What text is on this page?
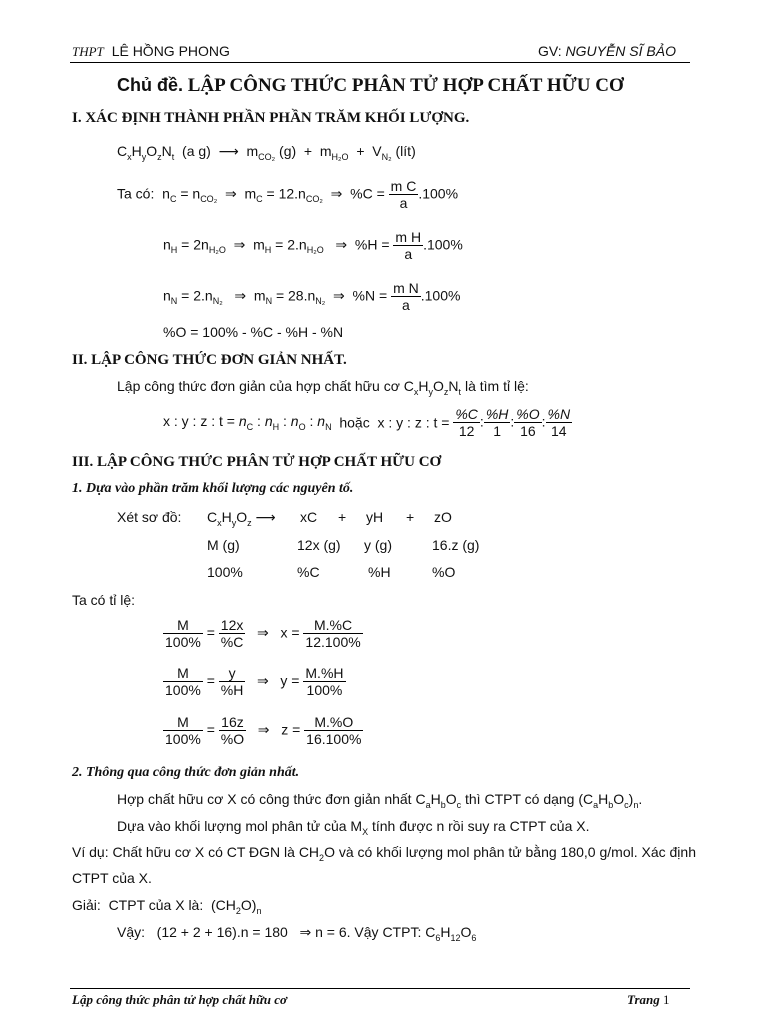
THPT LÊ HỒNG PHONG	GV: NGUYỄN SĨ BẢO
Chủ đề. LẬP CÔNG THỨC PHÂN TỬ HỢP CHẤT HỮU CƠ
I. XÁC ĐỊNH THÀNH PHẦN PHẦN TRĂM KHỐI LƯỢNG.
$C_xH_yO_zN_t$  (a g)  ⟶  $m_{CO_2}$ $(g) + m_{H_2O} + V_{N_2}$ (lít)
Ta có:  $n_C = n_{CO_2}$  ⇒  $m_C = 12.n_{CO_2}$  ⇒  $\%C = \frac{\text{m C}}{a} .100\%$
$n_H = 2n_{H_2O}$  ⇒  $m_H = 2.n_{H_2O}$   ⇒  $\%H = \frac{\text{m H}}{a} .100\%$
$n_N = 2.n_{N_2}$   ⇒  $m_N = 28.n_{N_2}$  ⇒  $\%N = \frac{\text{m N}}{a} .100\%$
%O = 100% - %C - %H - %N
II. LẬP CÔNG THỨC ĐƠN GIẢN NHẤT.
Lập công thức đơn giản của hợp chất hữu cơ $C_xH_yO_zN_t$ là tìm tỉ lệ:
x : y : z : $t = n_C$ : $n_H$ : $n_O$ : $n_N$ hoặc x : y : z : $t = \frac{\%C}{12}$ : $\frac{\%H}{1}$ : $\frac{\%O}{16}$ : $\frac{\%N}{14}$
III. LẬP CÔNG THỨC PHÂN TỬ HỢP CHẤT HỮU CƠ
1. Dựa vào phần trăm khối lượng các nguyên tố.
Xét sơ đồ: $C_xH_yO_z$ ⟶ xC + yH + zO
M (g)	12x (g) y (g)	16.z (g)
100%	%C	%H	%O
Ta có tỉ lệ:
$\frac{M}{100\%} = \frac{12x}{\%C}$ ⇒   $x = \frac{M.\%C}{12.100\%}$
$\frac{M}{100\%} = \frac{y}{\%H}$ ⇒   $y = \frac{M.\%H}{100\%}$
$\frac{M}{100\%} = \frac{16z}{\%O}$ ⇒   $z = \frac{M.\%O}{16.100\%}$
2. Thông qua công thức đơn giản nhất.
Hợp chất hữu cơ X có công thức đơn giản nhất $C_aH_bO_c$ thì CTPT có dạng $(C_aH_bO_c)_n$.
Dựa vào khối lượng mol phân tử của $M_X$ tính được n rồi suy ra CTPT của X.
Ví dụ: Chất hữu cơ X có CT ĐGN là $CH_2O$ và có khối lượng mol phân tử bằng 180,0 g/mol. Xác định
CTPT của X.
Giải:  CTPT của X là:  $(CH_2O)_n$
Vậy:   (12 + 2 + 16).n = 180   ⇒ n = 6. Vậy CTPT: $C_6H_{12}O_6$
Lập công thức phân tử hợp chất hữu cơ	Trang 1
